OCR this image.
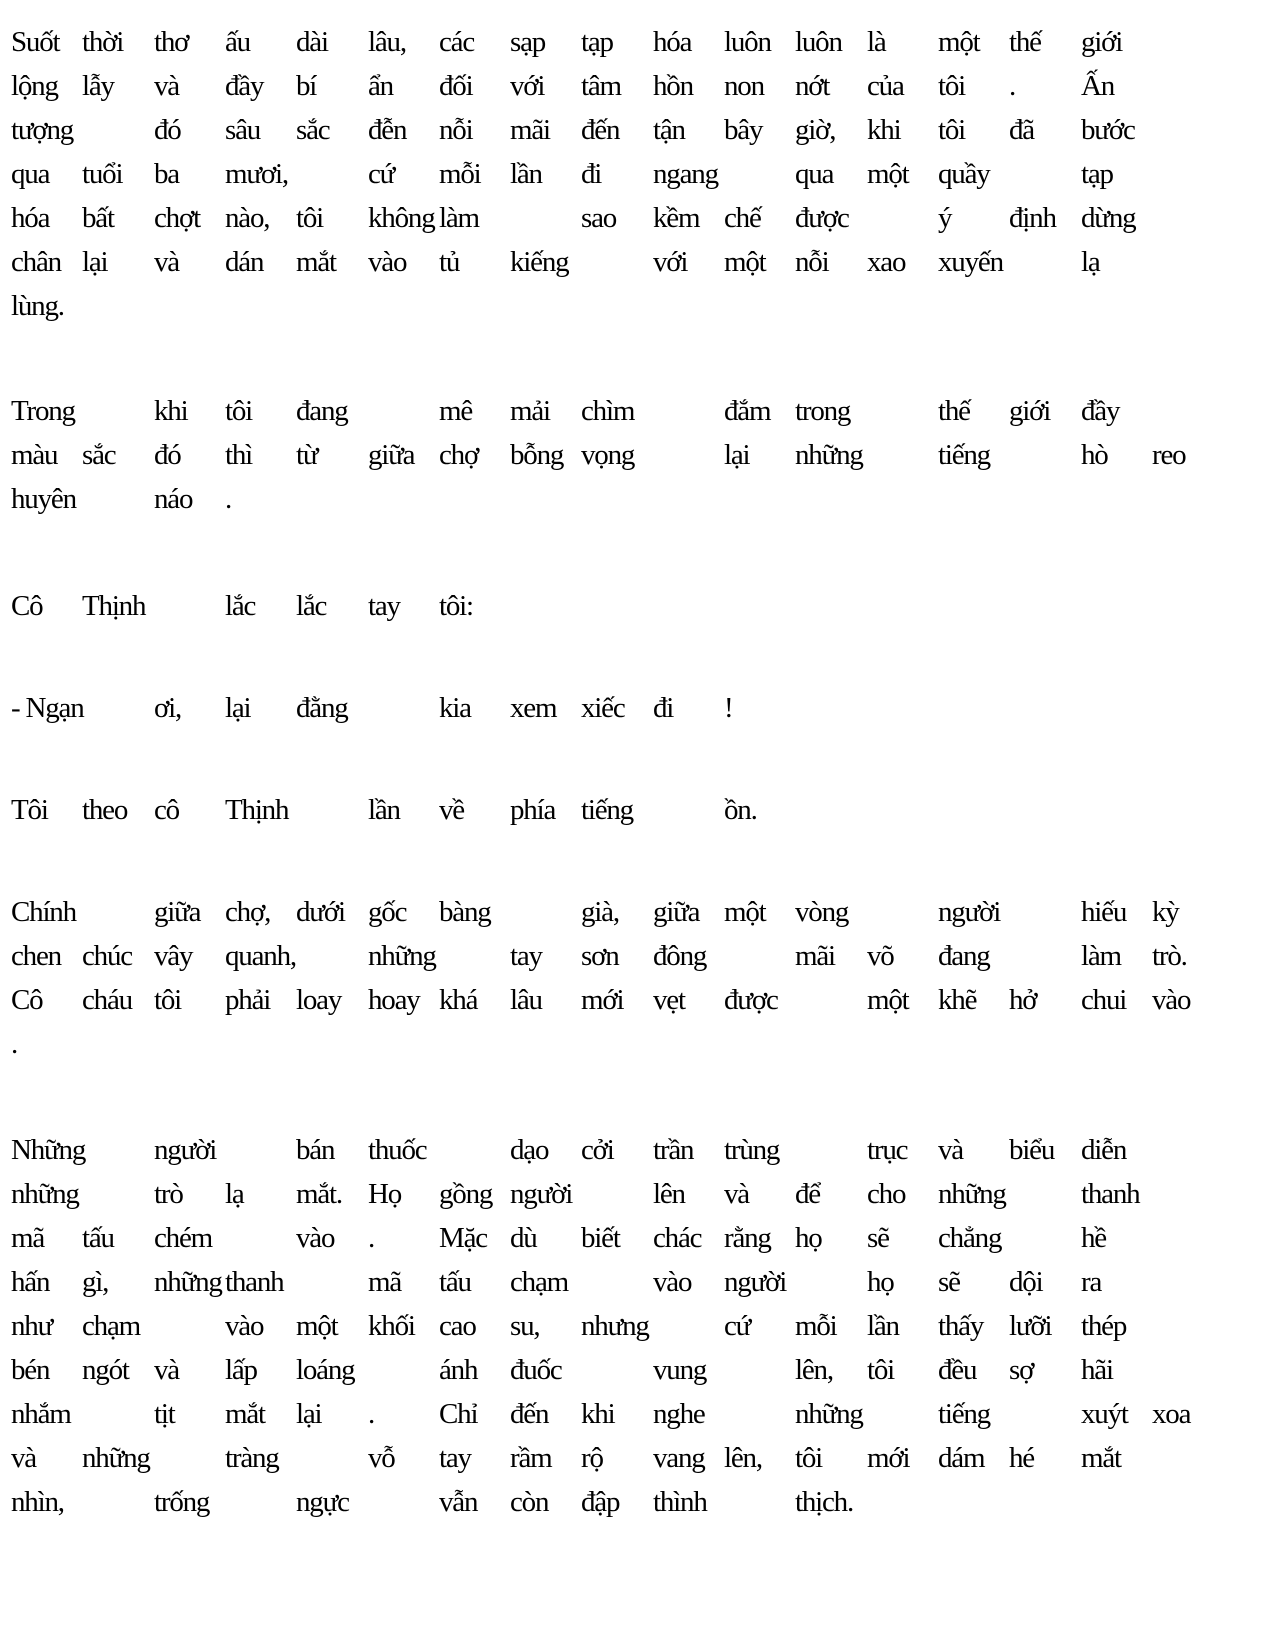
Suốt thời thơ ấu dài lâu, các sạp tạp hóa luôn luôn là một thế giới
lộng lẫy và đầy bí ẩn đối với tâm hồn non nớt của tôi . Ấn
tượng	đó sâu sắc đễn nỗi mãi đến tận bây giờ, khi tôi đã bước
qua tuổi ba mươi,	cứ mỗi lần đi ngang	qua một quầy	tạp
hóa bất chợt nào, tôi không làm	sao kềm chế được	ý định dừng
chân lại và dán mắt vào tủ kiếng	với một nỗi xao xuyến	lạ
lùng.
Trong	khi tôi đang	mê mải chìm	đắm trong	thế giới đầy
màu sắc đó thì từ giữa chợ bỗng vọng	lại những	tiếng	hò reo
huyên	náo .
Cô Thịnh	lắc lắc tay tôi:
- Ngạn ơi, lại đằng	kia xem xiếc đi !
Tôi theo cô Thịnh	lần về phía tiếng	ồn.
Chính	giữa chợ, dưới gốc bàng	già, giữa một vòng	người	hiếu kỳ
chen chúc vây quanh, những	tay sơn đông	mãi võ đang	làm trò.
Cô cháu tôi phải loay hoay khá lâu mới vẹt được	một khẽ hở chui vào
.
Những người	bán thuốc	dạo cởi trần trùng	trục và biểu diễn
những	trò lạ mắt. Họ gồng người	lên và để cho những	thanh
mã tấu chém	vào . Mặc dù biết chác rằng họ sẽ chẳng	hề
hấn gì, những thanh	mã tấu chạm	vào người	họ sẽ dội ra
như chạm	vào một khối cao su, nhưng	cứ mỗi lần thấy lưỡi thép
bén ngót và lấp loáng	ánh đuốc	vung	lên, tôi đều sợ hãi
nhắm	tịt mắt lại . Chỉ đến khi nghe	những	tiếng	xuýt xoa
và những	tràng	vỗ tay rầm rộ vang lên, tôi mới dám hé mắt
nhìn,	trống	ngực	vẫn còn đập thình	thịch.
